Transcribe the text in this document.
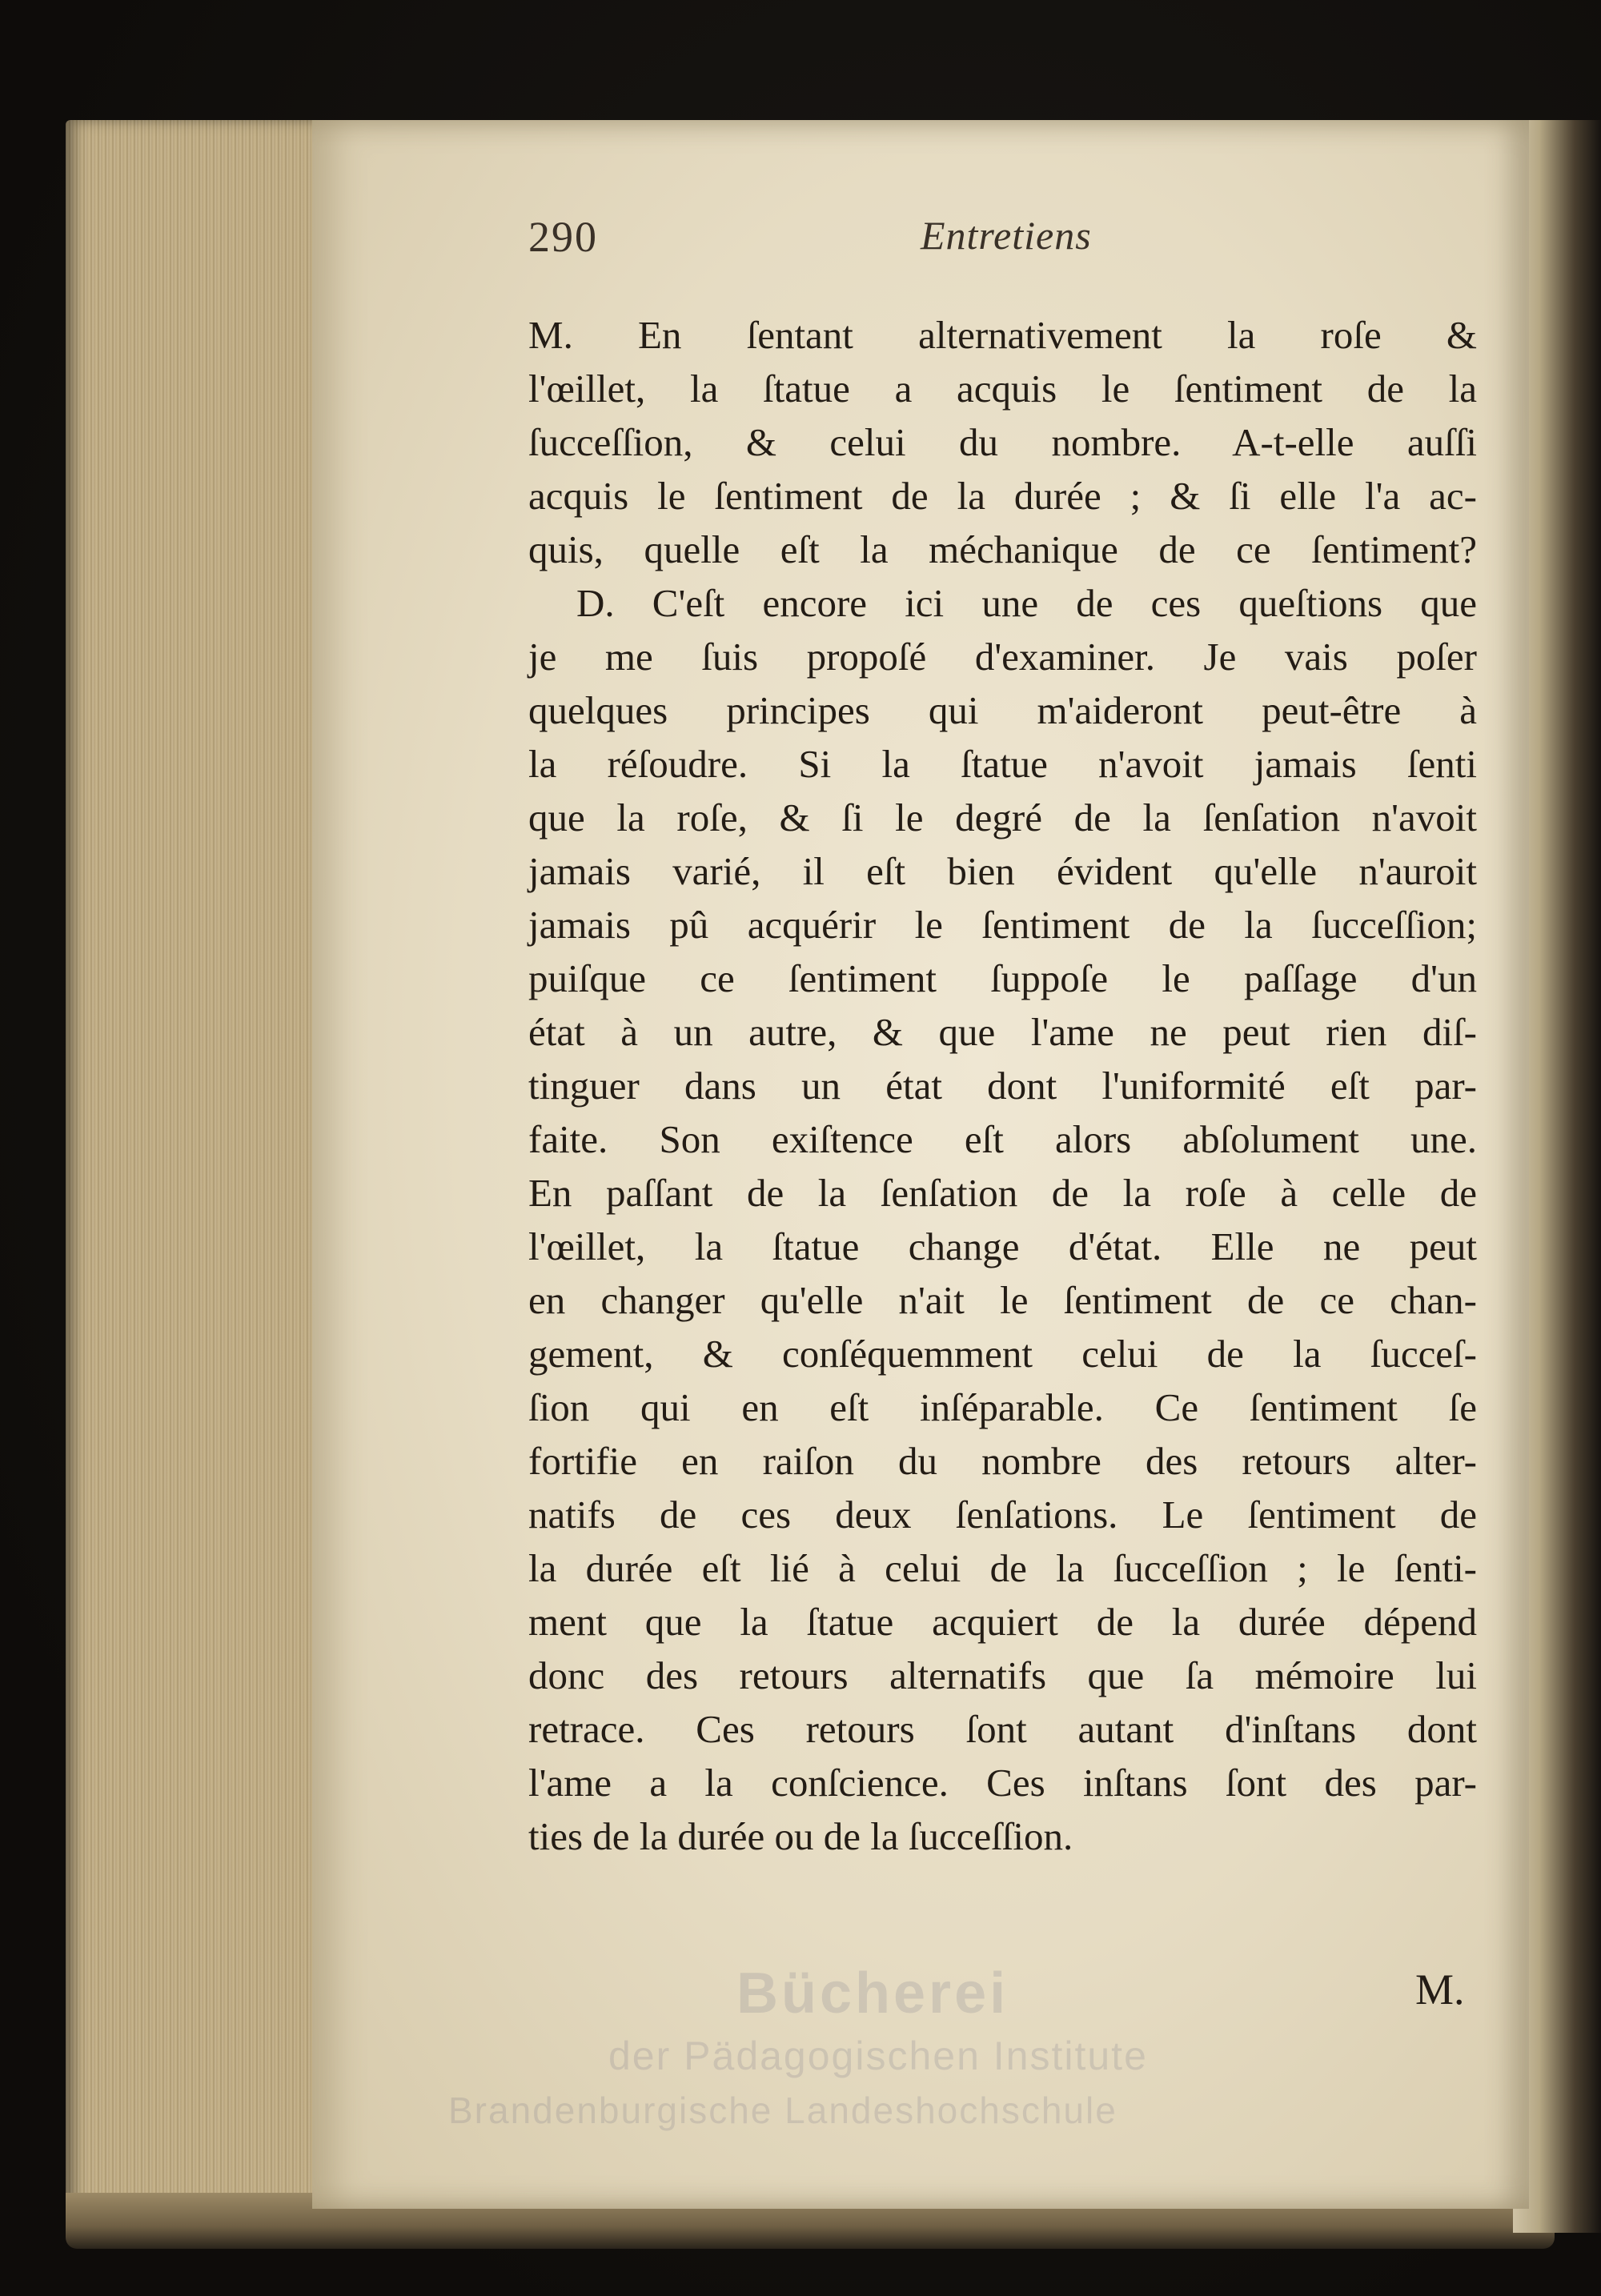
290	Entretiens
M. En ſentant alternativement la roſe &
l'œillet, la ſtatue a acquis le ſentiment de la
ſucceſſion, & celui du nombre. A-t-elle auſſi
acquis le ſentiment de la durée ; & ſi elle l'a ac-
quis, quelle eſt la méchanique de ce ſentiment?
D. C'eſt encore ici une de ces queſtions que
je me ſuis propoſé d'examiner. Je vais poſer
quelques principes qui m'aideront peut-être à
la réſoudre. Si la ſtatue n'avoit jamais ſenti
que la roſe, & ſi le degré de la ſenſation n'avoit
jamais varié, il eſt bien évident qu'elle n'auroit
jamais pû acquérir le ſentiment de la ſucceſſion;
puiſque ce ſentiment ſuppoſe le paſſage d'un
état à un autre, & que l'ame ne peut rien diſ-
tinguer dans un état dont l'uniformité eſt par-
faite. Son exiſtence eſt alors abſolument une.
En paſſant de la ſenſation de la roſe à celle de
l'œillet, la ſtatue change d'état. Elle ne peut
en changer qu'elle n'ait le ſentiment de ce chan-
gement, & conſéquemment celui de la ſucceſ-
ſion qui en eſt inſéparable. Ce ſentiment ſe
fortifie en raiſon du nombre des retours alter-
natifs de ces deux ſenſations. Le ſentiment de
la durée eſt lié à celui de la ſucceſſion ; le ſenti-
ment que la ſtatue acquiert de la durée dépend
donc des retours alternatifs que ſa mémoire lui
retrace. Ces retours ſont autant d'inſtans dont
l'ame a la conſcience. Ces inſtans ſont des par-
ties de la durée ou de la ſucceſſion.
M.
